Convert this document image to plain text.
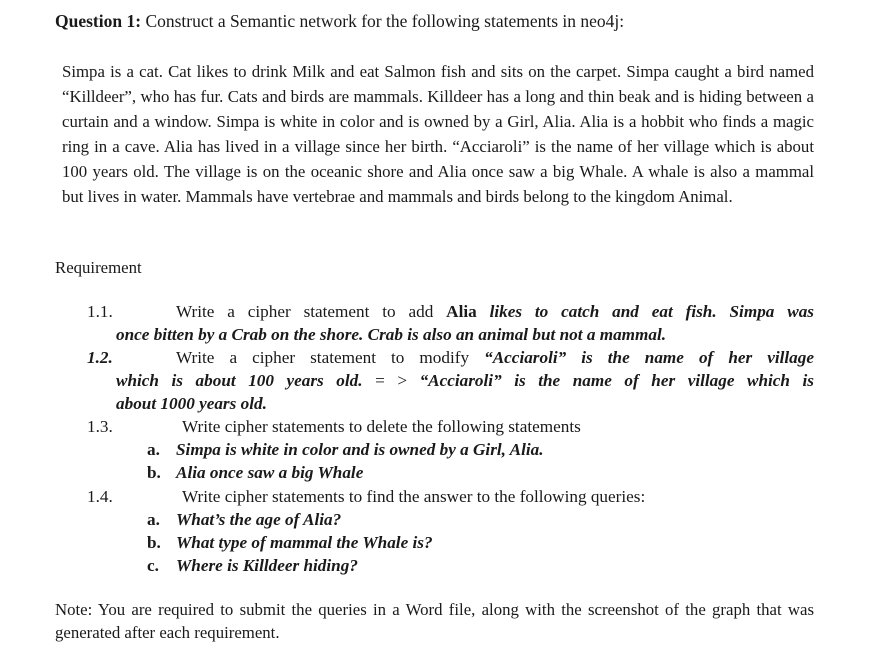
Question 1: Construct a Semantic network for the following statements in neo4j:
Simpa is a cat. Cat likes to drink Milk and eat Salmon fish and sits on the carpet. Simpa caught a bird named “Killdeer”, who has fur. Cats and birds are mammals. Killdeer has a long and thin beak and is hiding between a curtain and a window. Simpa is white in color and is owned by a Girl, Alia. Alia is a hobbit who finds a magic ring in a cave. Alia has lived in a village since her birth. “Acciaroli” is the name of her village which is about 100 years old. The village is on the oceanic shore and Alia once saw a big Whale. A whale is also a mammal but lives in water. Mammals have vertebrae and mammals and birds belong to the kingdom Animal.
Requirement
1.1.	Write a cipher statement to add Alia likes to catch and eat fish. Simpa was
once bitten by a Crab on the shore. Crab is also an animal but not a mammal.
1.2.	Write a cipher statement to modify “Acciaroli” is the name of her village
which is about 100 years old. = > “Acciaroli” is the name of her village which is
about 1000 years old.
1.3.	Write cipher statements to delete the following statements
a. Simpa is white in color and is owned by a Girl, Alia.
b. Alia once saw a big Whale
1.4.	Write cipher statements to find the answer to the following queries:
a. What’s the age of Alia?
b. What type of mammal the Whale is?
c. Where is Killdeer hiding?
Note: You are required to submit the queries in a Word file, along with the screenshot of the graph that was generated after each requirement.
